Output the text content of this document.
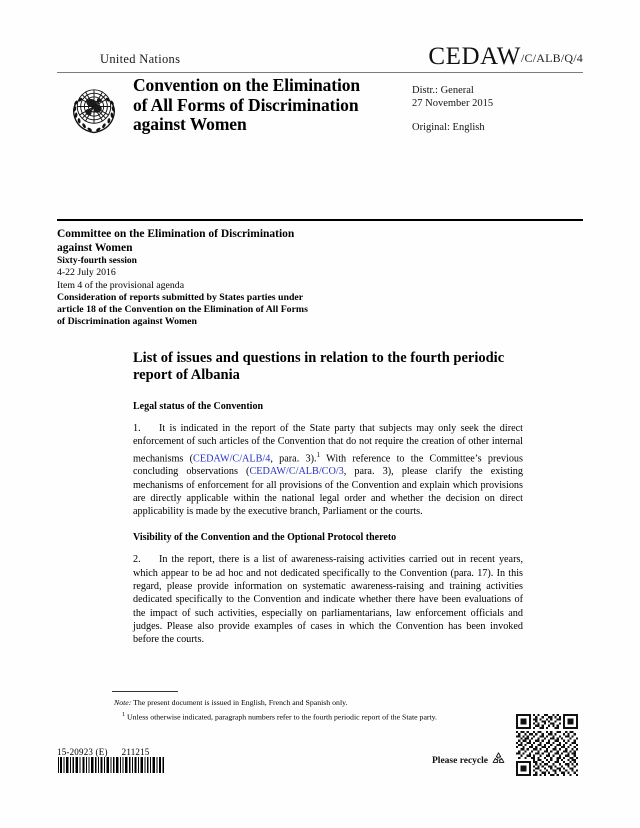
United Nations	CEDAW/C/ALB/Q/4
Convention on the Elimination
of All Forms of Discrimination
against Women
Distr.: General
27 November 2015
Original: English
Committee on the Elimination of Discrimination
against Women
Sixty-fourth session
4-22 July 2016
Item 4 of the provisional agenda
Consideration of reports submitted by States parties under
article 18 of the Convention on the Elimination of All Forms
of Discrimination against Women
List of issues and questions in relation to the fourth periodic report of Albania
Legal status of the Convention

1. It is indicated in the report of the State party that subjects may only seek the direct enforcement of such articles of the Convention that do not require the creation of other internal mechanisms (CEDAW/C/ALB/4, para. 3).$^1$ With reference to the Committee’s previous concluding observations (CEDAW/C/ALB/CO/3, para. 3), please clarify the existing mechanisms of enforcement for all provisions of the Convention and explain which provisions are directly applicable within the national legal order and whether the decision on direct applicability is made by the executive branch, Parliament or the courts.

Visibility of the Convention and the Optional Protocol thereto

2. In the report, there is a list of awareness-raising activities carried out in recent years, which appear to be ad hoc and not dedicated specifically to the Convention (para. 17). In this regard, please provide information on systematic awareness-raising and training activities dedicated specifically to the Convention and indicate whether there have been evaluations of the impact of such activities, especially on parliamentarians, law enforcement officials and judges. Please also provide examples of cases in which the Convention has been invoked before the courts.

Note: The present document is issued in English, French and Spanish only.
$^1$ Unless otherwise indicated, paragraph numbers refer to the fourth periodic report of the State party.
15-20923 (E) 211215
Please recycle
